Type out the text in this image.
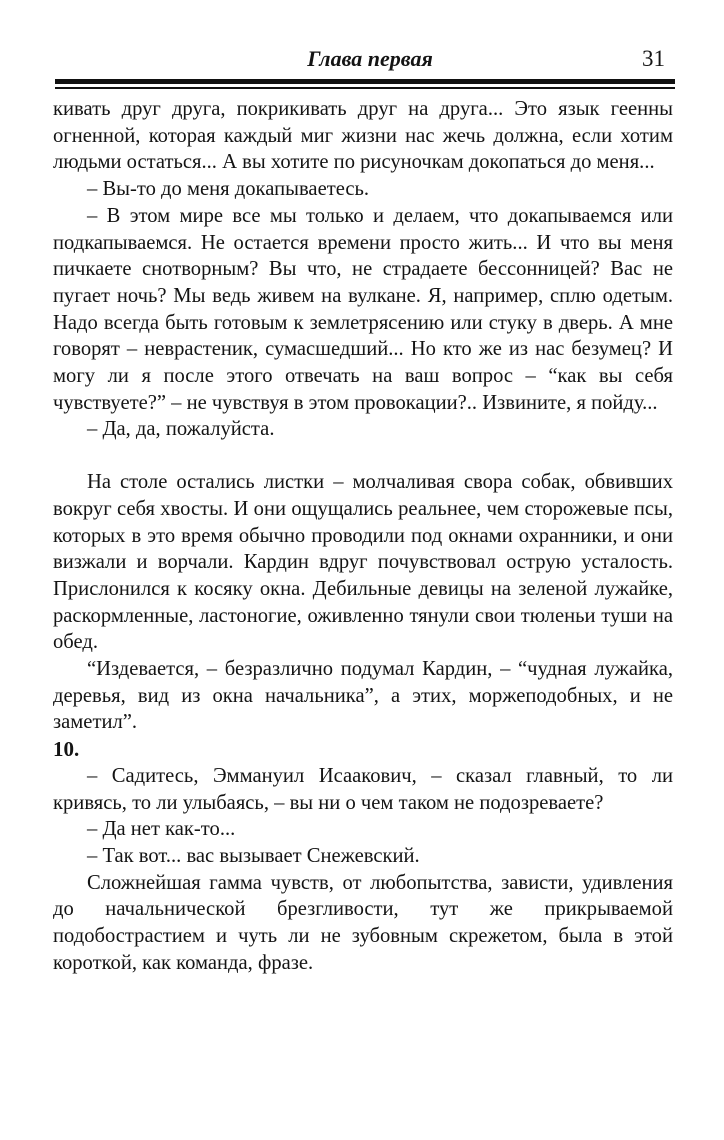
Глава первая	31

кивать друг друга, покрикивать друг на друга... Это язык геенны огненной, которая каждый миг жизни нас жечь должна, если хотим людьми остаться... А вы хотите по рисуночкам докопаться до меня...

– Вы-то до меня докапываетесь.

– В этом мире все мы только и делаем, что докапываемся или подкапываемся. Не остается времени просто жить... И что вы меня пичкаете снотворным? Вы что, не страдаете бессонницей? Вас не пугает ночь? Мы ведь живем на вулкане. Я, например, сплю одетым. Надо всегда быть готовым к землетрясению или стуку в дверь. А мне говорят – неврастеник, сумасшедший... Но кто же из нас безумец? И могу ли я после этого отвечать на ваш вопрос – “как вы себя чувствуете?” – не чувствуя в этом провокации?.. Извините, я пойду...

– Да, да, пожалуйста.

На столе остались листки – молчаливая свора собак, обвивших вокруг себя хвосты. И они ощущались реальнее, чем сторожевые псы, которых в это время обычно проводили под окнами охранники, и они визжали и ворчали. Кардин вдруг почувствовал острую усталость. Прислонился к косяку окна. Дебильные девицы на зеленой лужайке, раскормленные, ластоногие, оживленно тянули свои тюленьи туши на обед.

“Издевается, – безразлично подумал Кардин, – “чудная лужайка, деревья, вид из окна начальника”, а этих, моржеподобных, и не заметил”.

10.

– Садитесь, Эммануил Исаакович, – сказал главный, то ли кривясь, то ли улыбаясь, – вы ни о чем таком не подозреваете?

– Да нет как-то...

– Так вот... вас вызывает Снежевский.

Сложнейшая гамма чувств, от любопытства, зависти, удивления до начальнической брезгливости, тут же прикрываемой подобострастием и чуть ли не зубовным скрежетом, была в этой короткой, как команда, фразе.
